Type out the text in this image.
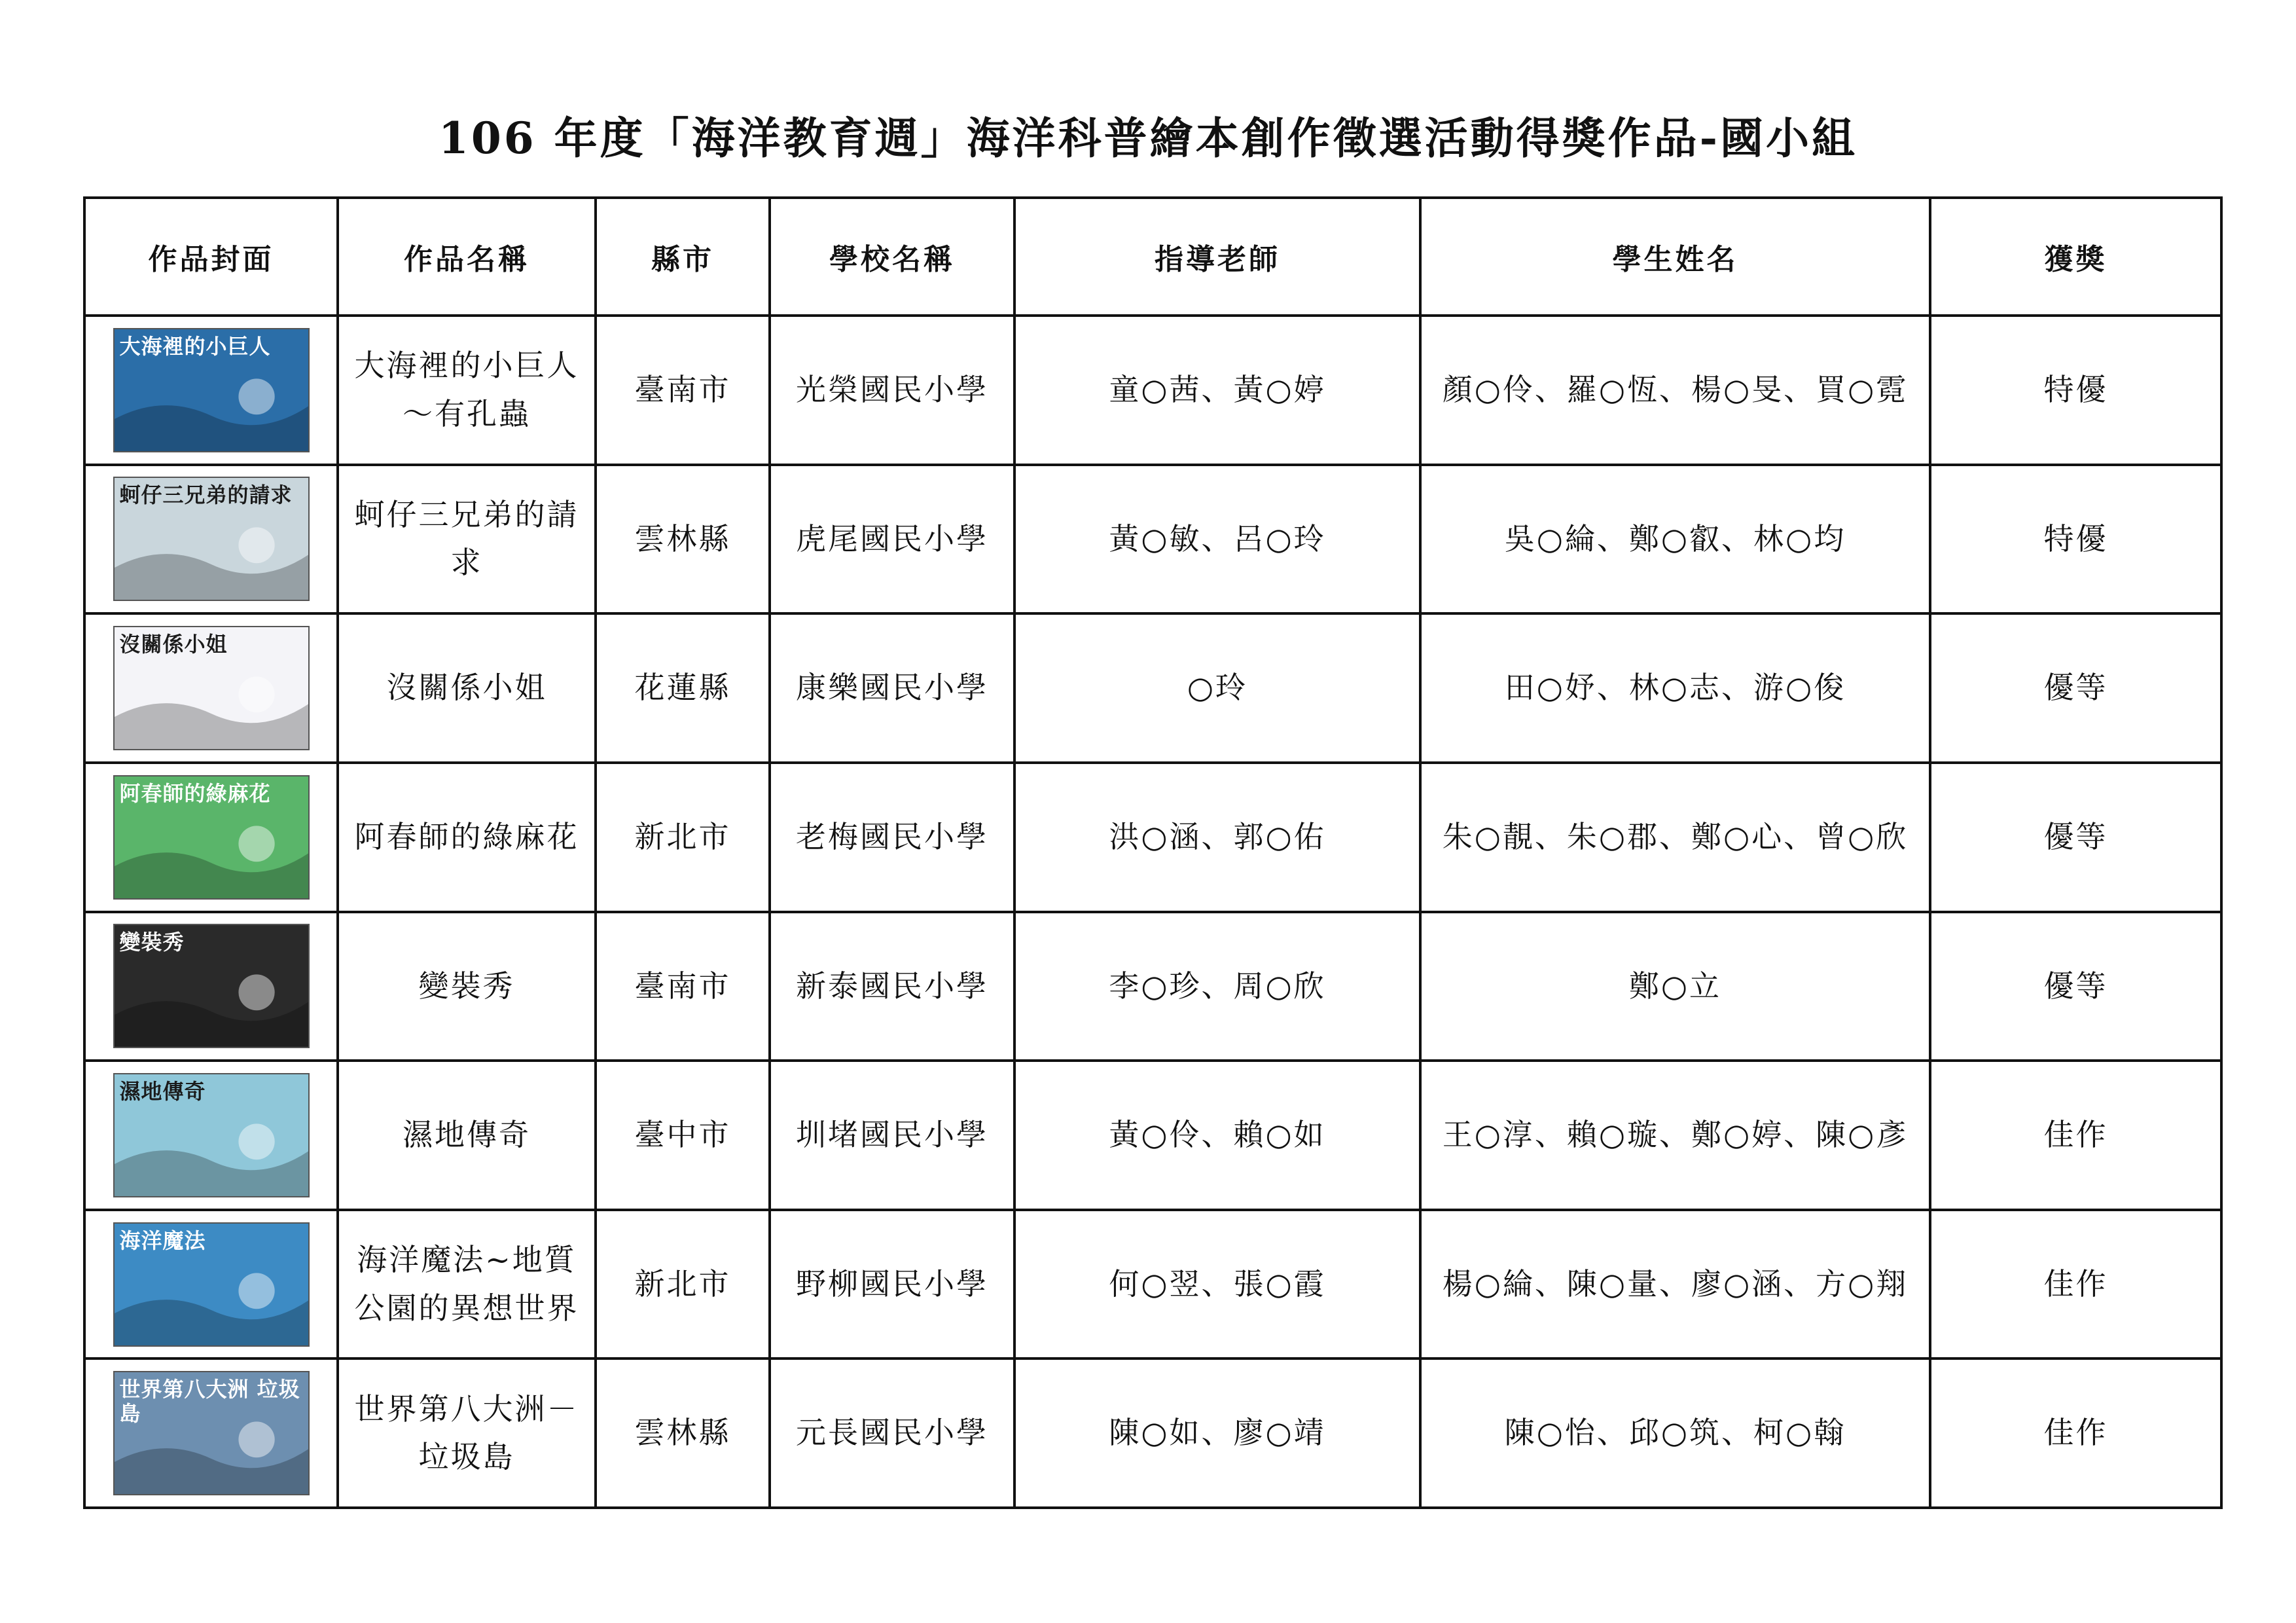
106 年度「海洋教育週」海洋科普繪本創作徵選活動得獎作品-國小組
作品封面	作品名稱	縣市	學校名稱	指導老師	學生姓名	獲獎

大海裡的小巨人	大海裡的小巨人～有孔蟲	臺南市	光榮國民小學	童○茜、黃○婷	顏○伶、羅○恆、楊○旻、買○霓	特優

蚵仔三兄弟的請求	蚵仔三兄弟的請求	雲林縣	虎尾國民小學	黃○敏、呂○玲	吳○綸、鄭○叡、林○均	特優

沒關係小姐	沒關係小姐	花蓮縣	康樂國民小學	○玲	田○妤、林○志、游○俊	優等

阿春師的綠麻花	阿春師的綠麻花	新北市	老梅國民小學	洪○涵、郭○佑	朱○靚、朱○郡、鄭○心、曾○欣	優等

變裝秀	變裝秀	臺南市	新泰國民小學	李○珍、周○欣	鄭○立	優等

濕地傳奇	濕地傳奇	臺中市	圳堵國民小學	黃○伶、賴○如	王○淳、賴○璇、鄭○婷、陳○彥	佳作

海洋魔法	海洋魔法~地質公園的異想世界	新北市	野柳國民小學	何○翌、張○霞	楊○綸、陳○量、廖○涵、方○翔	佳作

世界第八大洲 垃圾島	世界第八大洲－垃圾島	雲林縣	元長國民小學	陳○如、廖○靖	陳○怡、邱○筑、柯○翰	佳作
